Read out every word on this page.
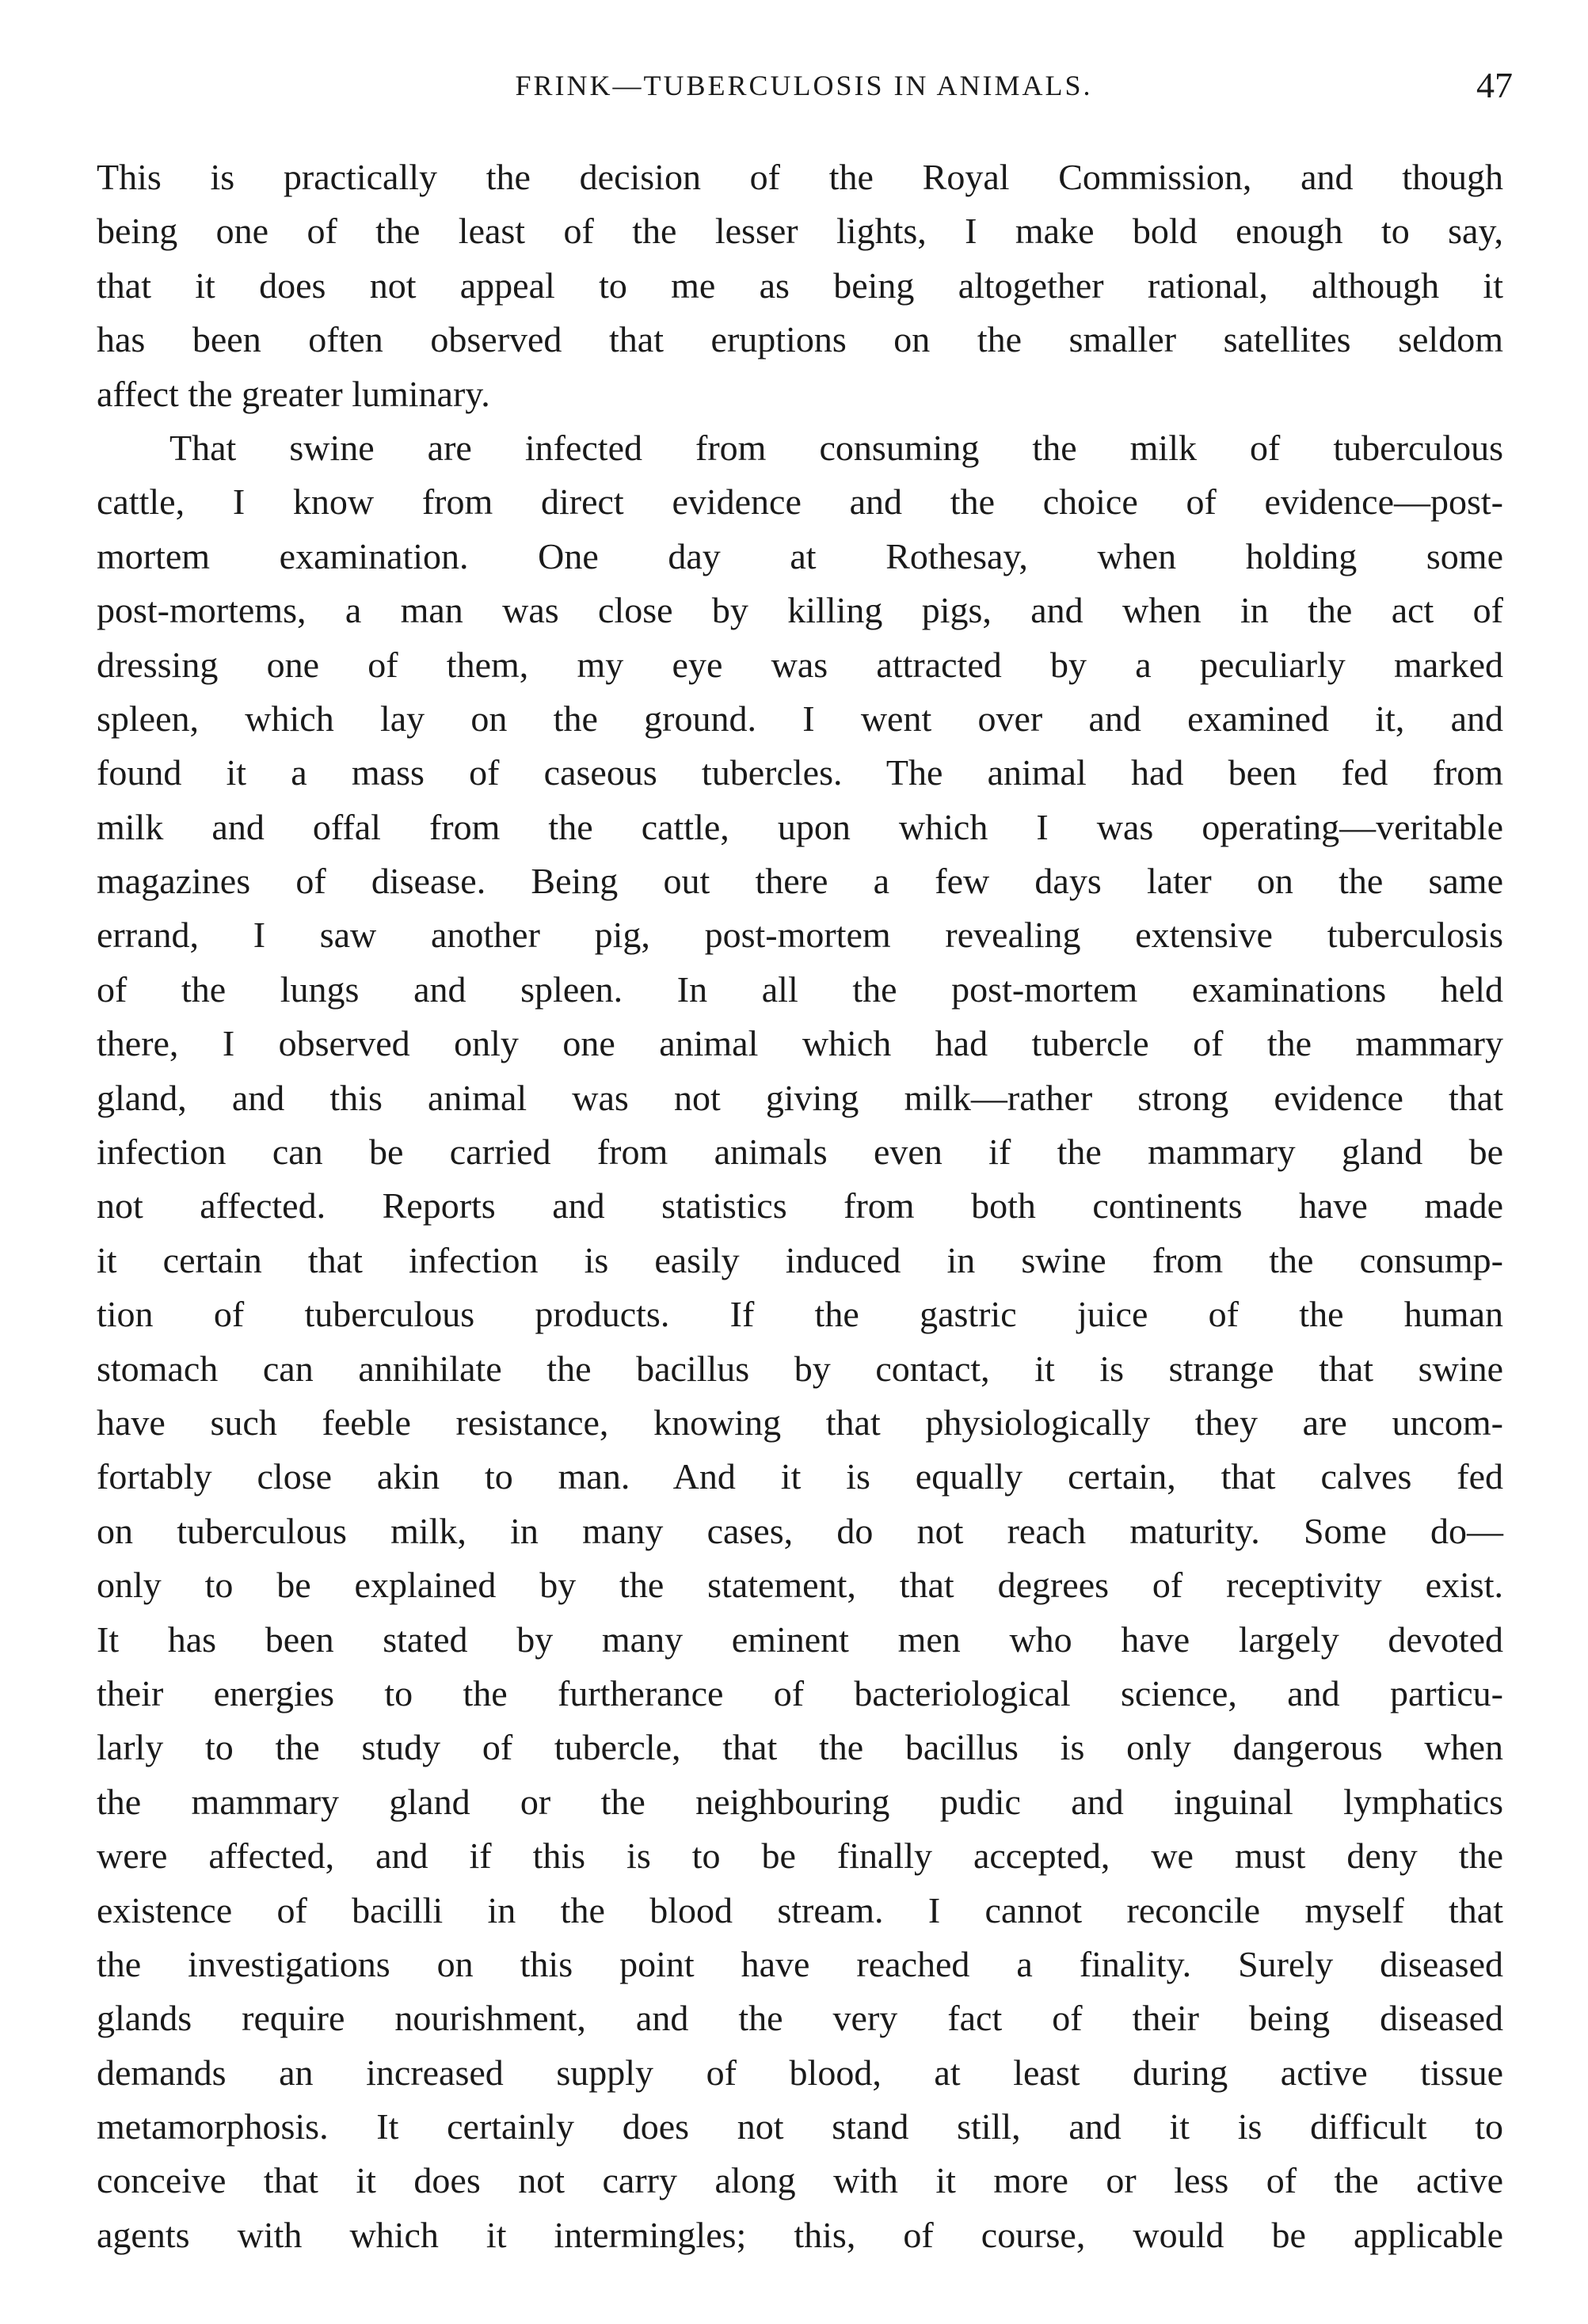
FRINK—TUBERCULOSIS IN ANIMALS.	47
This is practically the decision of the Royal Commission, and though
being one of the least of the lesser lights, I make bold enough to say,
that it does not appeal to me as being altogether rational, although it
has been often observed that eruptions on the smaller satellites seldom
affect the greater luminary.
That swine are infected from consuming the milk of tuberculous
cattle, I know from direct evidence and the choice of evidence—post-
mortem examination. One day at Rothesay, when holding some
post-mortems, a man was close by killing pigs, and when in the act of
dressing one of them, my eye was attracted by a peculiarly marked
spleen, which lay on the ground. I went over and examined it, and
found it a mass of caseous tubercles. The animal had been fed from
milk and offal from the cattle, upon which I was operating—veritable
magazines of disease. Being out there a few days later on the same
errand, I saw another pig, post-mortem revealing extensive tuberculosis
of the lungs and spleen. In all the post-mortem examinations held
there, I observed only one animal which had tubercle of the mammary
gland, and this animal was not giving milk—rather strong evidence that
infection can be carried from animals even if the mammary gland be
not affected. Reports and statistics from both continents have made
it certain that infection is easily induced in swine from the consump-
tion of tuberculous products. If the gastric juice of the human
stomach can annihilate the bacillus by contact, it is strange that swine
have such feeble resistance, knowing that physiologically they are uncom-
fortably close akin to man. And it is equally certain, that calves fed
on tuberculous milk, in many cases, do not reach maturity. Some do—
only to be explained by the statement, that degrees of receptivity exist.
It has been stated by many eminent men who have largely devoted
their energies to the furtherance of bacteriological science, and particu-
larly to the study of tubercle, that the bacillus is only dangerous when
the mammary gland or the neighbouring pudic and inguinal lymphatics
were affected, and if this is to be finally accepted, we must deny the
existence of bacilli in the blood stream. I cannot reconcile myself that
the investigations on this point have reached a finality. Surely diseased
glands require nourishment, and the very fact of their being diseased
demands an increased supply of blood, at least during active tissue
metamorphosis. It certainly does not stand still, and it is difficult to
conceive that it does not carry along with it more or less of the active
agents with which it intermingles; this, of course, would be applicable
